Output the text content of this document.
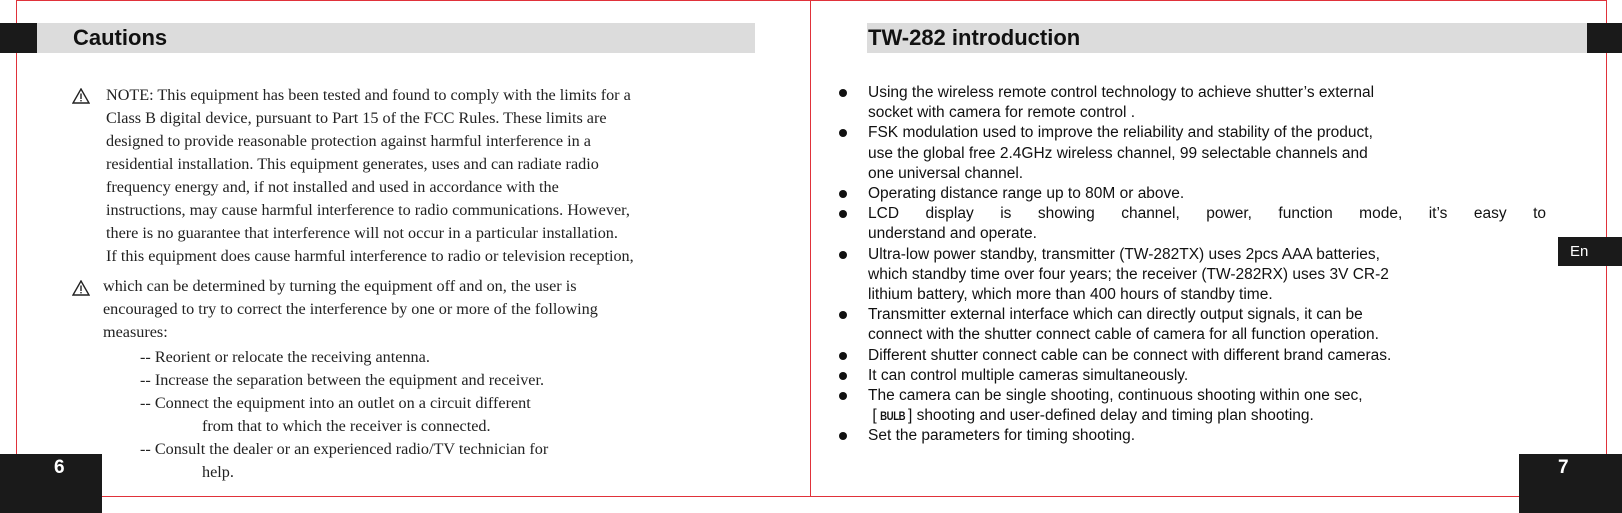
Cautions
NOTE: This equipment has been tested and found to comply with the limits for a
Class B digital device, pursuant to Part 15 of the FCC Rules. These limits are
designed to provide reasonable protection against harmful interference in a
residential installation. This equipment generates, uses and can radiate radio
frequency energy and, if not installed and used in accordance with the
instructions, may cause harmful interference to radio communications. However,
there is no guarantee that interference will not occur in a particular installation.
If this equipment does cause harmful interference to radio or television reception,
which can be determined by turning the equipment off and on, the user is
encouraged to try to correct the interference by one or more of the following
measures:
-- Reorient or relocate the receiving antenna.
-- Increase the separation between the equipment and receiver.
-- Connect the equipment into an outlet on a circuit different
from that to which the receiver is connected.
-- Consult the dealer or an experienced radio/TV technician for
help.
6
TW-282 introduction
Using the wireless remote control technology to achieve shutter’s external
socket with camera for remote control .
FSK modulation used to improve the reliability and stability of the product,
use the global free 2.4GHz wireless channel, 99 selectable channels and
one universal channel.
Operating distance range up to 80M or above.
LCD display is showing channel, power, function mode, it’s easy to
understand and operate.
Ultra-low power standby, transmitter (TW-282TX) uses 2pcs AAA batteries,
which standby time over four years; the receiver (TW-282RX) uses 3V CR-2
lithium battery, which more than 400 hours of standby time.
Transmitter external interface which can directly output signals, it can be
connect with the shutter connect cable of camera for all function operation.
Different shutter connect cable can be connect with different brand cameras.
It can control multiple cameras simultaneously.
The camera can be single shooting, continuous shooting within one sec,
[ BULB ] shooting and user-defined delay and timing plan shooting.
Set the parameters for timing shooting.
En
7
